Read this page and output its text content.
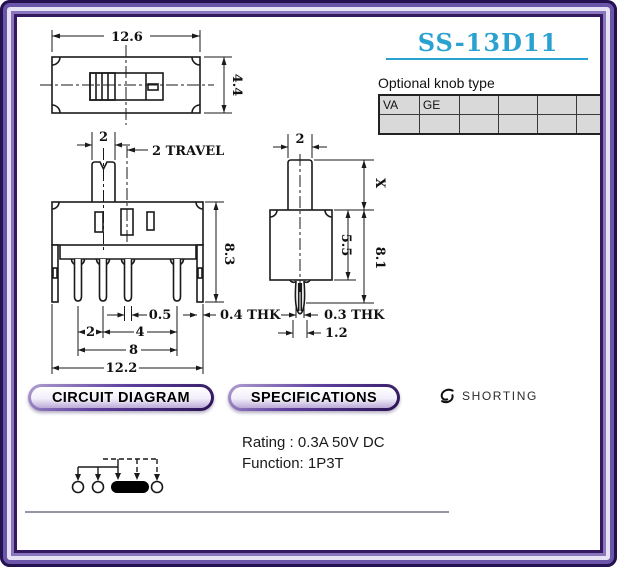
12.6
4.4
2
2 TRAVEL
8.3
0.5	0.4 THK
2	4
8
12.2
2
X
5.5
8.1
0.3 THK
1.2
SS-13D11
Optional knob type
VA	GE				

CIRCUIT DIAGRAM	SPECIFICATIONS	SHORTING
Rating : 0.3A 50V DC
Function: 1P3T
